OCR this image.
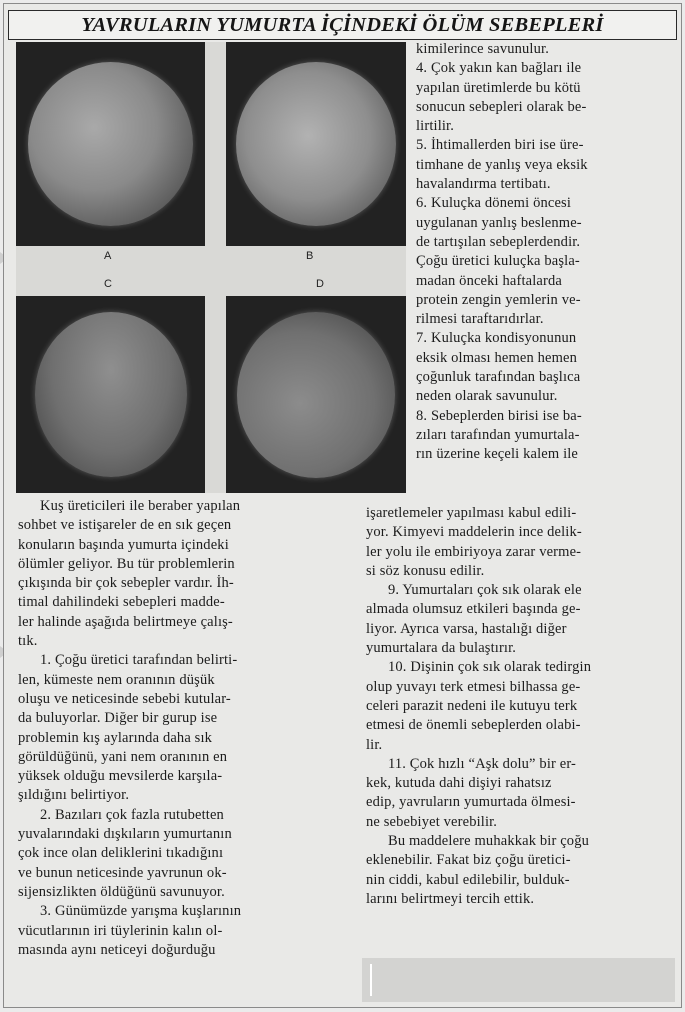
YAVRULARIN YUMURTA İÇİNDEKİ ÖLÜM SEBEPLERİ
A	B
C	D
kimilerince savunulur.
4. Çok yakın kan bağları ile
yapılan üretimlerde bu kötü
sonucun sebepleri olarak be-
lirtilir.
5. İhtimallerden biri ise üre-
timhane de yanlış veya eksik
havalandırma tertibatı.
6. Kuluçka dönemi öncesi
uygulanan yanlış beslenme-
de tartışılan sebeplerdendir.
Çoğu üretici kuluçka başla-
madan önceki haftalarda
protein zengin yemlerin ve-
rilmesi taraftarıdırlar.
7. Kuluçka kondisyonunun
eksik olması hemen hemen
çoğunluk tarafından başlıca
neden olarak savunulur.
8. Sebeplerden birisi ise ba-
zıları tarafından yumurtala-
rın üzerine keçeli kalem ile
Kuş üreticileri ile beraber yapılan
sohbet ve istişareler de en sık geçen
konuların başında yumurta içindeki
ölümler geliyor. Bu tür problemlerin
çıkışında bir çok sebepler vardır. İh-
timal dahilindeki sebepleri madde-
ler halinde aşağıda belirtmeye çalış-
tık.
1. Çoğu üretici tarafından belirti-
len, kümeste nem oranının düşük
oluşu ve neticesinde sebebi kutular-
da buluyorlar. Diğer bir gurup ise
problemin kış aylarında daha sık
görüldüğünü, yani nem oranının en
yüksek olduğu mevsilerde karşıla-
şıldığını belirtiyor.
2. Bazıları çok fazla rutubetten
yuvalarındaki dışkıların yumurtanın
çok ince olan deliklerini tıkadığını
ve bunun neticesinde yavrunun ok-
sijensizlikten öldüğünü savunuyor.
3. Günümüzde yarışma kuşlarının
vücutlarının iri tüylerinin kalın ol-
masında aynı neticeyi doğurduğu
işaretlemeler yapılması kabul edili-
yor. Kimyevi maddelerin ince delik-
ler yolu ile embiriyoya zarar verme-
si söz konusu edilir.
9. Yumurtaları çok sık olarak ele
almada olumsuz etkileri başında ge-
liyor. Ayrıca varsa, hastalığı diğer
yumurtalara da bulaştırır.
10. Dişinin çok sık olarak tedirgin
olup yuvayı terk etmesi bilhassa ge-
celeri parazit nedeni ile kutuyu terk
etmesi de önemli sebeplerden olabi-
lir.
11. Çok hızlı “Aşk dolu” bir er-
kek, kutuda dahi dişiyi rahatsız
edip, yavruların yumurtada ölmesi-
ne sebebiyet verebilir.
Bu maddelere muhakkak bir çoğu
eklenebilir. Fakat biz çoğu üretici-
nin ciddi, kabul edilebilir, bulduk-
larını belirtmeyi tercih ettik.
